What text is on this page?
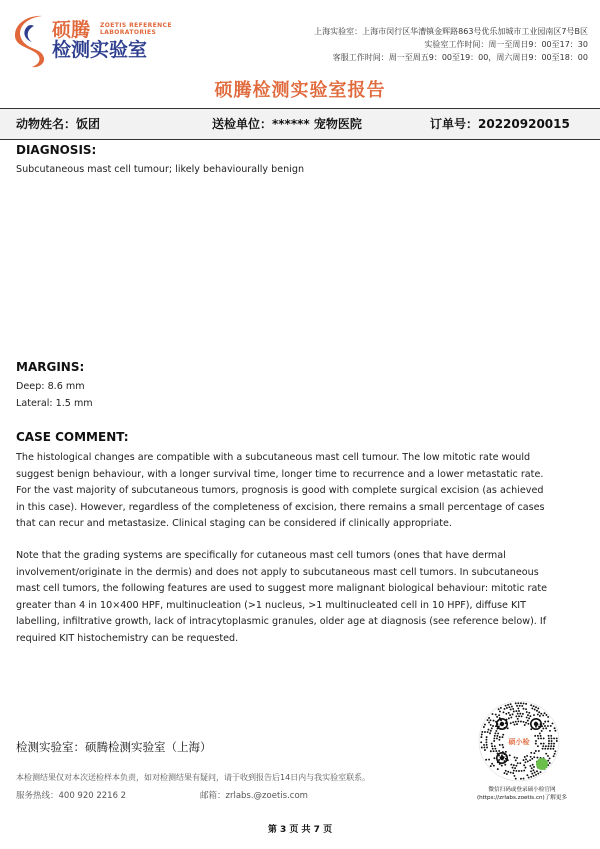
硕腾
检测实验室
ZOETIS REFERENCE
LABORATORIES	上海实验室：上海市闵行区华漕镇金辉路863号优乐加城市工业园南区7号B区
实验室工作时间：周一至周日9：00至17：30
客服工作时间：周一至周五9：00至19：00，周六周日9：00至18：00
硕腾检测实验室报告
动物姓名：饭团	送检单位：****** 宠物医院	订单号：20220920015
DIAGNOSIS:
Subcutaneous mast cell tumour; likely behaviourally benign
MARGINS:
Deep: 8.6 mm
Lateral: 1.5 mm
CASE COMMENT:
The histological changes are compatible with a subcutaneous mast cell tumour. The low mitotic rate would
suggest benign behaviour, with a longer survival time, longer time to recurrence and a lower metastatic rate.
For the vast majority of subcutaneous tumors, prognosis is good with complete surgical excision (as achieved
in this case). However, regardless of the completeness of excision, there remains a small percentage of cases
that can recur and metastasize. Clinical staging can be considered if clinically appropriate.
Note that the grading systems are specifically for cutaneous mast cell tumors (ones that have dermal
involvement/originate in the dermis) and does not apply to subcutaneous mast cell tumors. In subcutaneous
mast cell tumors, the following features are used to suggest more malignant biological behaviour: mitotic rate
greater than 4 in 10×400 HPF, multinucleation (>1 nucleus, >1 multinucleated cell in 10 HPF), diffuse KIT
labelling, infiltrative growth, lack of intracytoplasmic granules, older age at diagnosis (see reference below). If
required KIT histochemistry can be requested.
检测实验室：硕腾检测实验室（上海）
本检测结果仅对本次送检样本负责，如对检测结果有疑问，请于收到报告后14日内与我实验室联系。
服务热线：400 920 2216 2	邮箱：zrlabs.@zoetis.com
硕小检
微信扫码或登录硕小检官网
(https://zrlabs.zoetis.cn)了解更多
第 3 页 共 7 页
